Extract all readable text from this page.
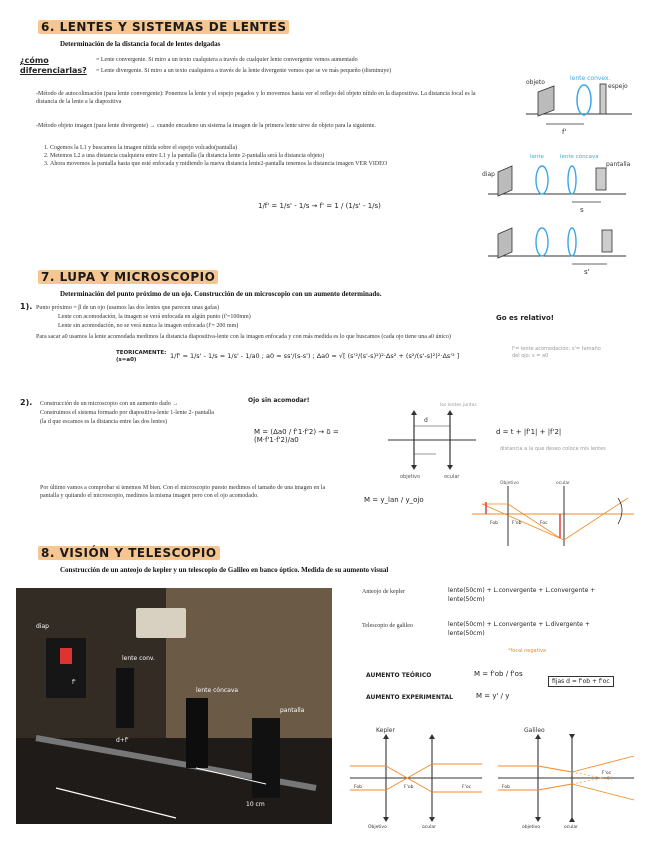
6. LENTES Y SISTEMAS DE LENTES
Determinación de la distancia focal de lentes delgadas
¿cómo diferenciarlas?
= Lente convergente. Si miro a un texto cualquiera a través de cualquier lente convergente vemos aumentado
= Lente divergente. Si miro a un texto cualquiera a través de la lente divergente vemos que se ve más pequeño (disminuye)
-Método de autocolimación (para lente convergente): Ponemos la lente y el espejo pegados y lo movemos hasta ver el reflejo del objeto nítido en la diapositiva. La distancia focal es la distancia de la lente a la diapositiva
-Método objeto imagen (para lente divergente) → cuando encadeno un sistema la imagen de la primera lente sirve de objeto para la siguiente.
1. Cogemos la L1 y buscamos la imagen nítida sobre el espejo volcado(pantalla)
2. Metemos L2 a una distancia cualquiera entre L1 y la pantalla (la distancia lente 2-pantalla será la distancia objeto)
3. Ahora movemos la pantalla hasta que esté enfocada y midiendo la nueva distancia lente2-pantalla tenemos la distancia imagen VER VIDEO
1/f' = 1/s' - 1/s → f' = 1 / (1/s' - 1/s)
objeto
lente convex.
espejo
f'
diap
lente	lente cóncava
pantalla
s
s'
7. LUPA Y MICROSCOPIO
Determinación del punto próximo de un ojo. Construcción de un microscopio con un aumento determinado.
1). Punto próximo = β de un ojo (usamos las dos lentes que parecen unas gafas)
Lente con acomodación, la imagen se verá enfocada en algún punto (f'=100mm)
Lente sin acomodación, no se verá nunca la imagen enfocada (f'= 200 mm)
Para sacar a0 usamos la lente acomodada medimos la distancia diapositiva-lente con la imagen enfocada y con más medida es lo que buscamos (cada ojo tiene una a0 único)
Go es relativo!
TEORICAMENTE: (s=a0)	1/f' = 1/s' - 1/s = 1/s' - 1/a0 ; a0 = ss'/(s-s') ; Δa0 = √[ (s'²/(s'-s)²)²·Δs² + (s²/(s'-s)²)²·Δs'² ]
f'= lente acomodación; s'= tamaño del ojo; s = a0
2). Construcción de un microscopio con un aumento dado →	Ojo sin acomodar!
Construimos el sistema formado por diapositiva-lente 1-lente 2- pantalla
(la d que escamos es la distancia entre las dos lentes)
M = (Δa0 / f'1·f'2) → δ = (M·f'1·f'2)/a0
d
los lentes juntas
objetivo	ocular
d = t + |f'1| + |f'2|
distancia a la que deseo coloca mis lentes
Por último vamos a comprobar si tenemos M bien. Con el microscopio puesto medimos el tamaño de una imagen en la pantalla y quitando el microscopio, medimos la misma imagen pero con el ojo acomodado.	M = y_lan / y_ojo
Objetivo	ocular
F'ob	Foc
Fob
8. VISIÓN Y TELESCOPIO
Construcción de un anteojo de kepler y un telescopio de Galileo en banco óptico. Medida de su aumento visual
diap
lente conv.
lente cóncava
pantalla
d+f'
10 cm
f'
Anteojo de kepler	lente(50cm) + L.convergente + L.convergente + lente(50cm)
Telescopio de galileo	lente(50cm) + L.convergente + L.divergente + lente(50cm)
*focal negativa
AUMENTO TEÓRICO	M = f'ob / f'os
fijas d = f'ob + f'oc
AUMENTO EXPERIMENTAL	M = y' / y
Kepler
Fob	F'ob	F'oc
Objetivo	ocular
Galileo
Fob
F'oc
objetivo	ocular
